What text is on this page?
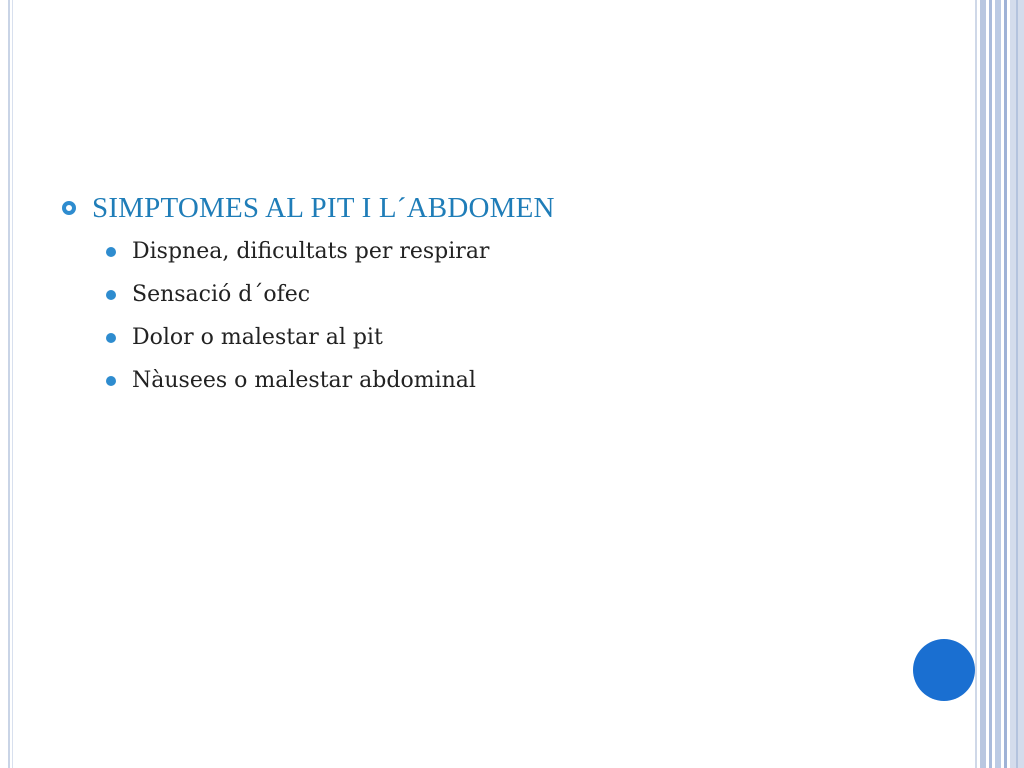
SIMPTOMES AL PIT I L´ABDOMEN
Dispnea, dificultats per respirar
Sensació d´ofec
Dolor o malestar al pit
Nàusees o malestar abdominal
